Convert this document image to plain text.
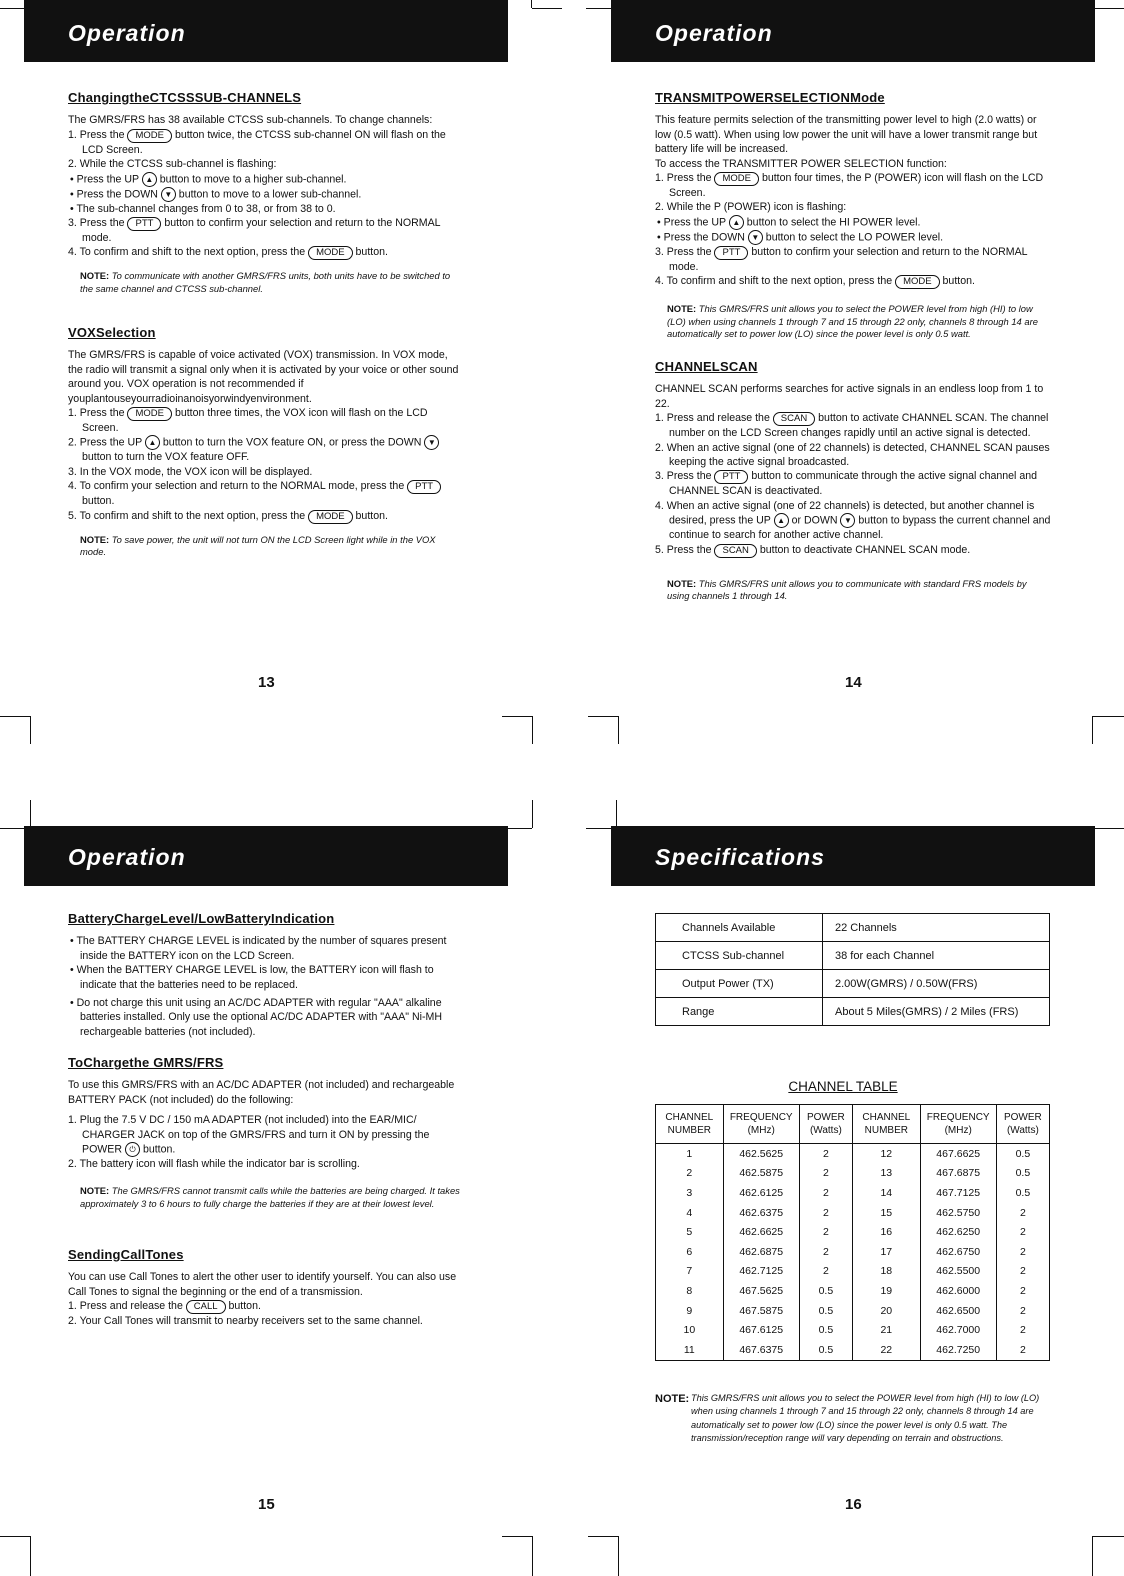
Operation
ChangingtheCTCSSSUB-CHANNELS

The GMRS/FRS has 38 available CTCSS sub-channels. To change channels:

1. Press the MODE button twice, the CTCSS sub-channel ON will flash on the LCD Screen.

2. While the CTCSS sub-channel is flashing:

• Press the UP ▲ button to move to a higher sub-channel.

• Press the DOWN ▼ button to move to a lower sub-channel.

• The sub-channel changes from 0 to 38, or from 38 to 0.

3. Press the PTT button to confirm your selection and return to the NORMAL mode.

4. To confirm and shift to the next option, press the MODE button.

NOTE: To communicate with another GMRS/FRS units, both units have to be switched to the same channel and CTCSS sub-channel.

VOXSelection

The GMRS/FRS is capable of voice activated (VOX) transmission. In VOX mode, the radio will transmit a signal only when it is activated by your voice or other sound around you. VOX operation is not recommended if youplantouseyourradioinanoisyorwindyenvironment.

1. Press the MODE button three times, the VOX icon will flash on the LCD Screen.

2. Press the UP ▲ button to turn the VOX feature ON, or press the DOWN ▼ button to turn the VOX feature OFF.

3. In the VOX mode, the VOX icon will be displayed.

4. To confirm your selection and return to the NORMAL mode, press the PTT button.

5. To confirm and shift to the next option, press the MODE button.

NOTE: To save power, the unit will not turn ON the LCD Screen light while in the VOX mode.

13
Operation
TRANSMITPOWERSELECTIONMode

This feature permits selection of the transmitting power level to high (2.0 watts) or low (0.5 watt). When using low power the unit will have a lower transmit range but battery life will be increased.

To access the TRANSMITTER POWER SELECTION function:

1. Press the MODE button four times, the P (POWER) icon will flash on the LCD Screen.

2. While the P (POWER) icon is flashing:

• Press the UP ▲ button to select the HI POWER level.

• Press the DOWN ▼ button to select the LO POWER level.

3. Press the PTT button to confirm your selection and return to the NORMAL mode.

4. To confirm and shift to the next option, press the MODE button.

NOTE: This GMRS/FRS unit allows you to select the POWER level from high (HI) to low (LO) when using channels 1 through 7 and 15 through 22 only, channels 8 through 14 are automatically set to power low (LO) since the power level is only 0.5 watt.

CHANNELSCAN

CHANNEL SCAN performs searches for active signals in an endless loop from 1 to 22.

1. Press and release the SCAN button to activate CHANNEL SCAN. The channel number on the LCD Screen changes rapidly until an active signal is detected.

2. When an active signal (one of 22 channels) is detected, CHANNEL SCAN pauses keeping the active signal broadcasted.

3. Press the PTT button to communicate through the active signal channel and CHANNEL SCAN is deactivated.

4. When an active signal (one of 22 channels) is detected, but another channel is desired, press the UP ▲ or DOWN ▼ button to bypass the current channel and continue to search for another active channel.

5. Press the SCAN button to deactivate CHANNEL SCAN mode.

NOTE: This GMRS/FRS unit allows you to communicate with standard FRS models by using channels 1 through 14.

14
Operation
BatteryChargeLevel/LowBatteryIndication

• The BATTERY CHARGE LEVEL is indicated by the number of squares present inside the BATTERY icon on the LCD Screen.

• When the BATTERY CHARGE LEVEL is low, the BATTERY icon will flash to indicate that the batteries need to be replaced.

• Do not charge this unit using an AC/DC ADAPTER with regular "AAA" alkaline batteries installed. Only use the optional AC/DC ADAPTER with "AAA" Ni-MH rechargeable batteries (not included).

ToChargethe GMRS/FRS

To use this GMRS/FRS with an AC/DC ADAPTER (not included) and rechargeable BATTERY PACK (not included) do the following:

1. Plug the 7.5 V DC / 150 mA ADAPTER (not included) into the EAR/MIC/ CHARGER JACK on top of the GMRS/FRS and turn it ON by pressing the POWER ⏻ button.

2. The battery icon will flash while the indicator bar is scrolling.

NOTE: The GMRS/FRS cannot transmit calls while the batteries are being charged. It takes approximately 3 to 6 hours to fully charge the batteries if they are at their lowest level.

SendingCallTones

You can use Call Tones to alert the other user to identify yourself. You can also use Call Tones to signal the beginning or the end of a transmission.

1. Press and release the CALL button.

2. Your Call Tones will transmit to nearby receivers set to the same channel.

15
Specifications
Channels Available	22 Channels
CTCSS Sub-channel	38 for each Channel
Output Power (TX)	2.00W(GMRS) / 0.50W(FRS)
Range	About 5 Miles(GMRS) / 2 Miles (FRS)
CHANNEL TABLE
CHANNEL NUMBER	FREQUENCY (MHz)	POWER (Watts)	CHANNEL NUMBER	FREQUENCY (MHz)	POWER (Watts)
1	462.5625	2	12	467.6625	0.5
2	462.5875	2	13	467.6875	0.5
3	462.6125	2	14	467.7125	0.5
4	462.6375	2	15	462.5750	2
5	462.6625	2	16	462.6250	2
6	462.6875	2	17	462.6750	2
7	462.7125	2	18	462.5500	2
8	467.5625	0.5	19	462.6000	2
9	467.5875	0.5	20	462.6500	2
10	467.6125	0.5	21	462.7000	2
11	467.6375	0.5	22	462.7250	2
NOTE: This GMRS/FRS unit allows you to select the POWER level from high (HI) to low (LO) when using channels 1 through 7 and 15 through 22 only, channels 8 through 14 are automatically set to power low (LO) since the power level is only 0.5 watt. The transmission/reception range will vary depending on terrain and obstructions.
16
